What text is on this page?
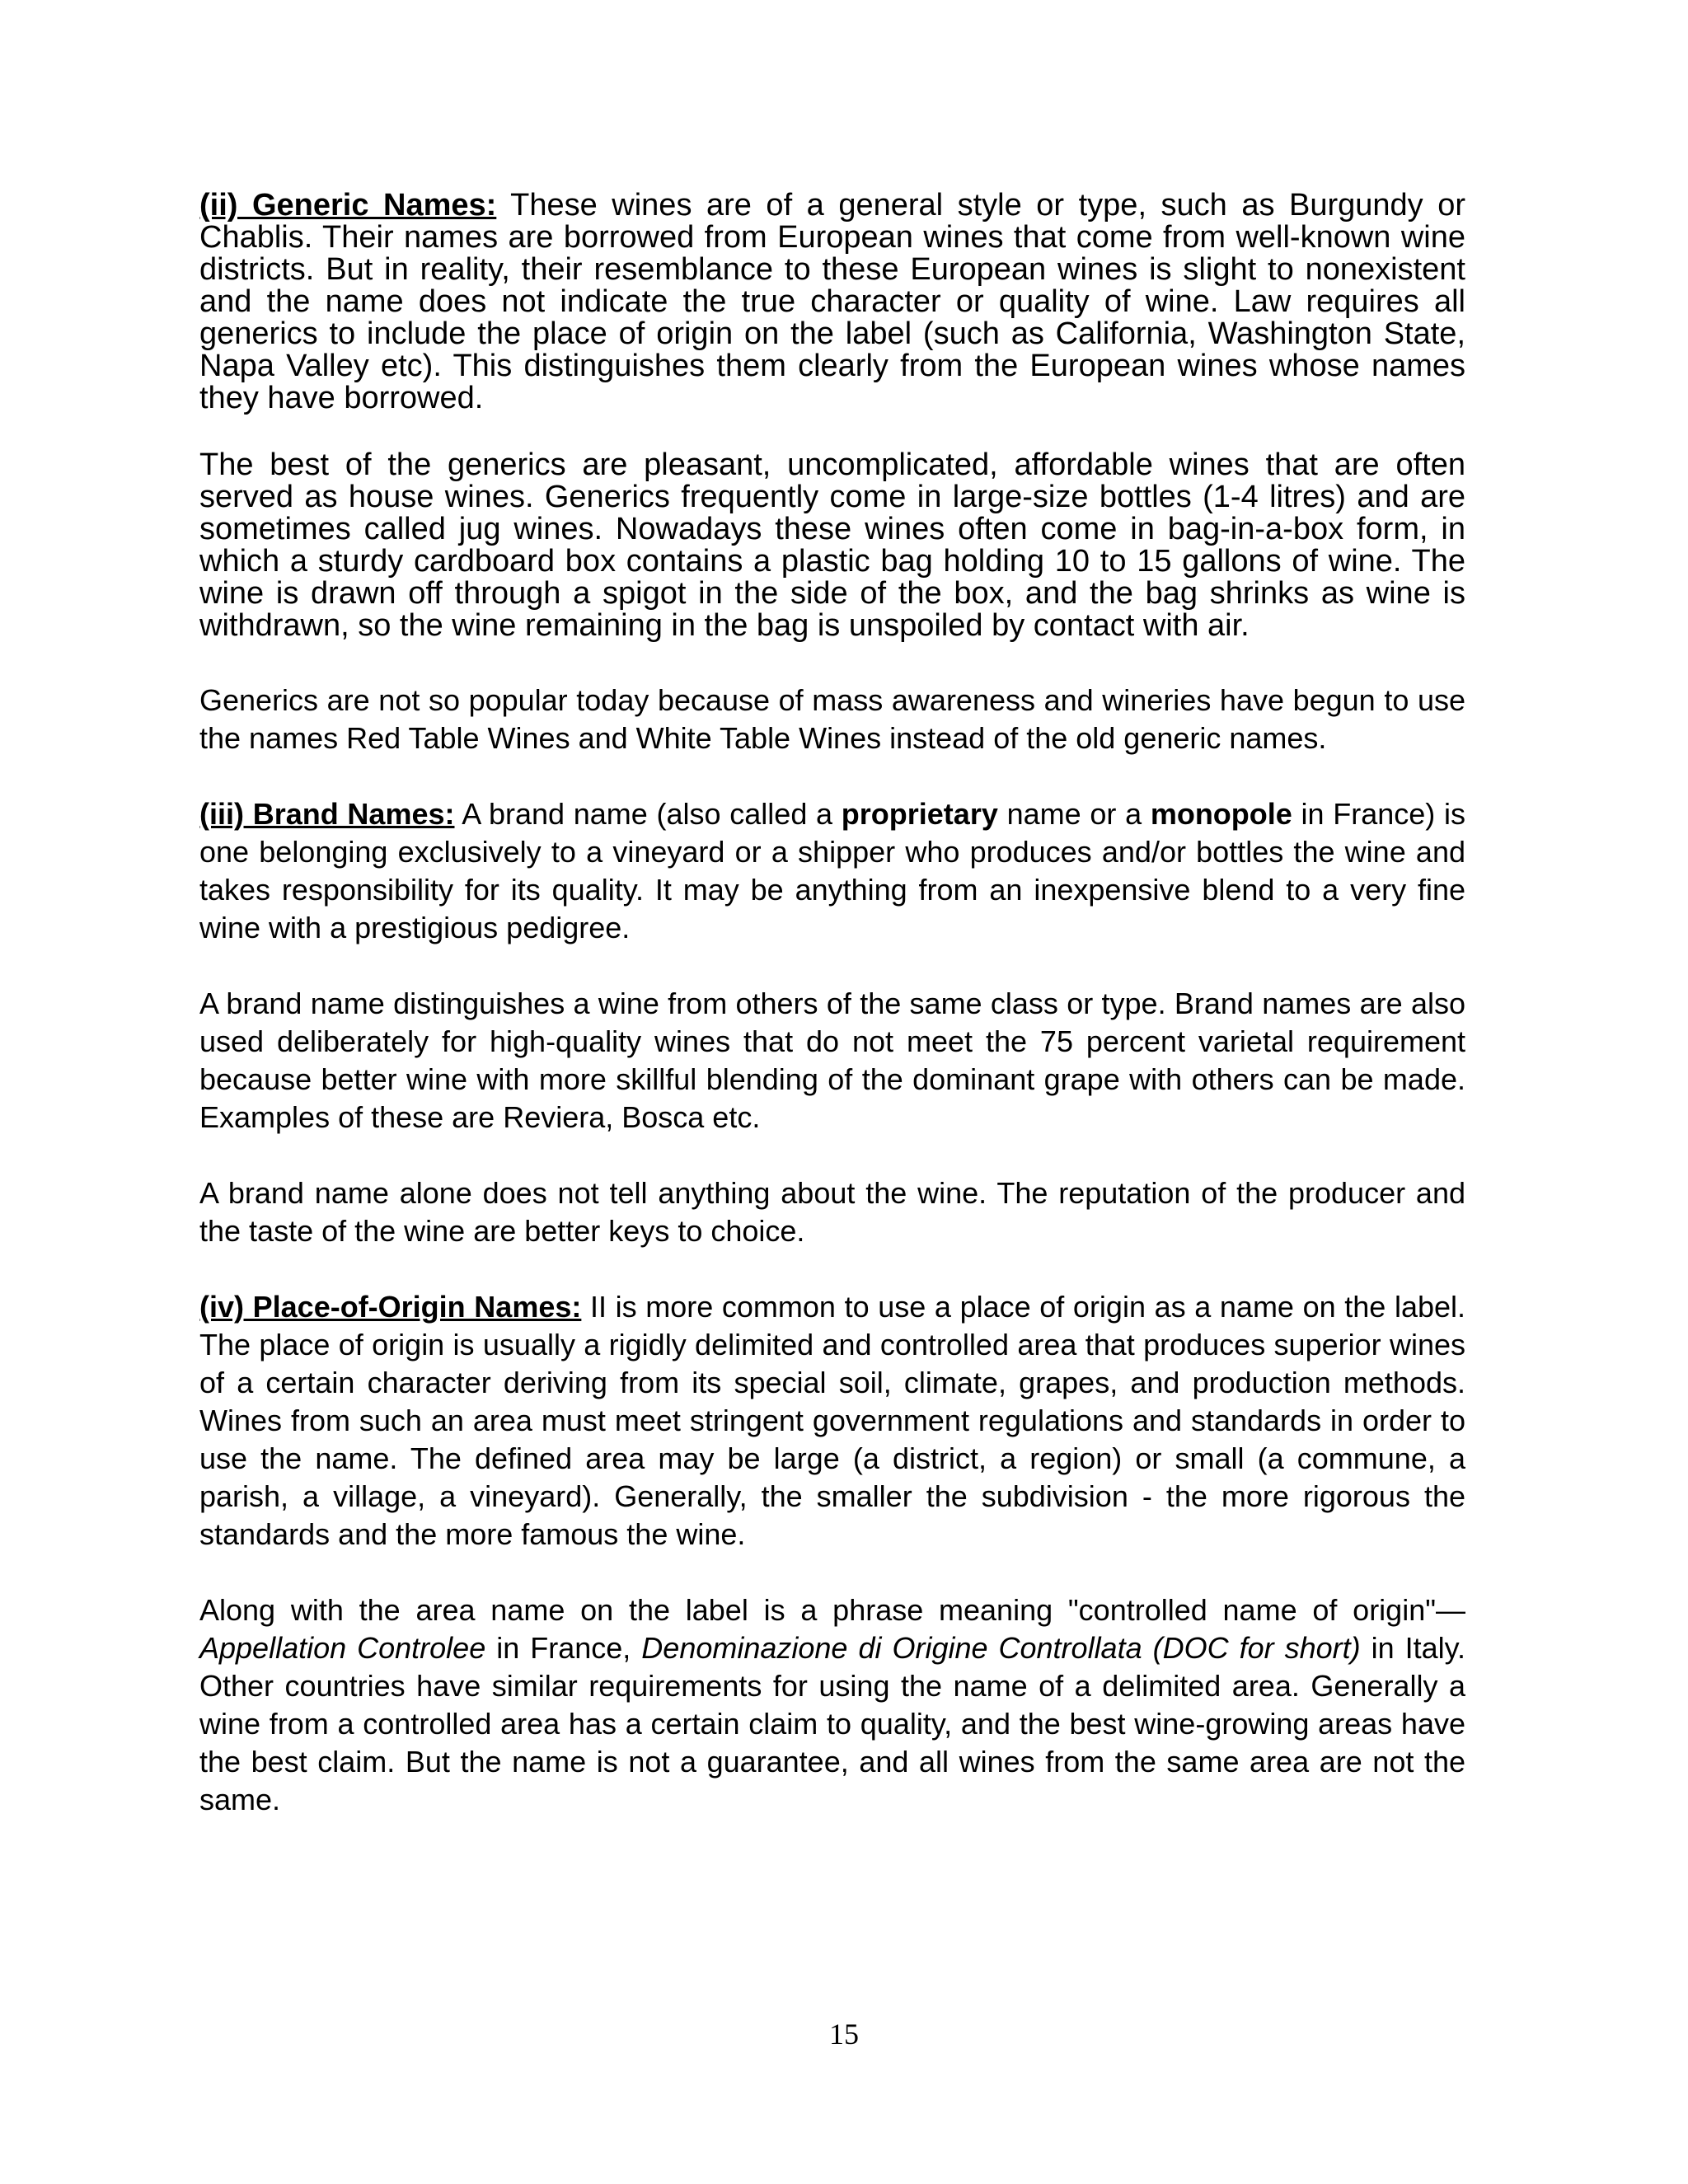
(ii) Generic Names: These wines are of a general style or type, such as Burgundy or Chablis. Their names are borrowed from European wines that come from well-known wine districts. But in reality, their resemblance to these European wines is slight to nonexistent and the name does not indicate the true character or quality of wine. Law requires all generics to include the place of origin on the label (such as California, Washington State, Napa Valley etc). This distinguishes them clearly from the European wines whose names they have borrowed.

The best of the generics are pleasant, uncomplicated, affordable wines that are often served as house wines. Generics frequently come in large-size bottles (1-4 litres) and are sometimes called jug wines. Nowadays these wines often come in bag-in-a-box form, in which a sturdy cardboard box contains a plastic bag holding 10 to 15 gallons of wine. The wine is drawn off through a spigot in the side of the box, and the bag shrinks as wine is withdrawn, so the wine remaining in the bag is unspoiled by contact with air.

Generics are not so popular today because of mass awareness and wineries have begun to use the names Red Table Wines and White Table Wines instead of the old generic names.

(iii) Brand Names: A brand name (also called a proprietary name or a monopole in France) is one belonging exclusively to a vineyard or a shipper who produces and/or bottles the wine and takes responsibility for its quality. It may be anything from an inexpensive blend to a very fine wine with a prestigious pedigree.

A brand name distinguishes a wine from others of the same class or type. Brand names are also used deliberately for high-quality wines that do not meet the 75 percent varietal requirement because better wine with more skillful blending of the dominant grape with others can be made. Examples of these are Reviera, Bosca etc.

A brand name alone does not tell anything about the wine. The reputation of the producer and the taste of the wine are better keys to choice.

(iv) Place-of-Origin Names: II is more common to use a place of origin as a name on the label. The place of origin is usually a rigidly delimited and controlled area that produces superior wines of a certain character deriving from its special soil, climate, grapes, and production methods. Wines from such an area must meet stringent government regulations and standards in order to use the name. The defined area may be large (a district, a region) or small (a commune, a parish, a village, a vineyard). Generally, the smaller the subdivision - the more rigorous the standards and the more famous the wine.

Along with the area name on the label is a phrase meaning "controlled name of origin"—Appellation Controlee in France, Denominazione di Origine Controllata (DOC for short) in Italy. Other countries have similar requirements for using the name of a delimited area. Generally a wine from a controlled area has a certain claim to quality, and the best wine-growing areas have the best claim. But the name is not a guarantee, and all wines from the same area are not the same.

15
